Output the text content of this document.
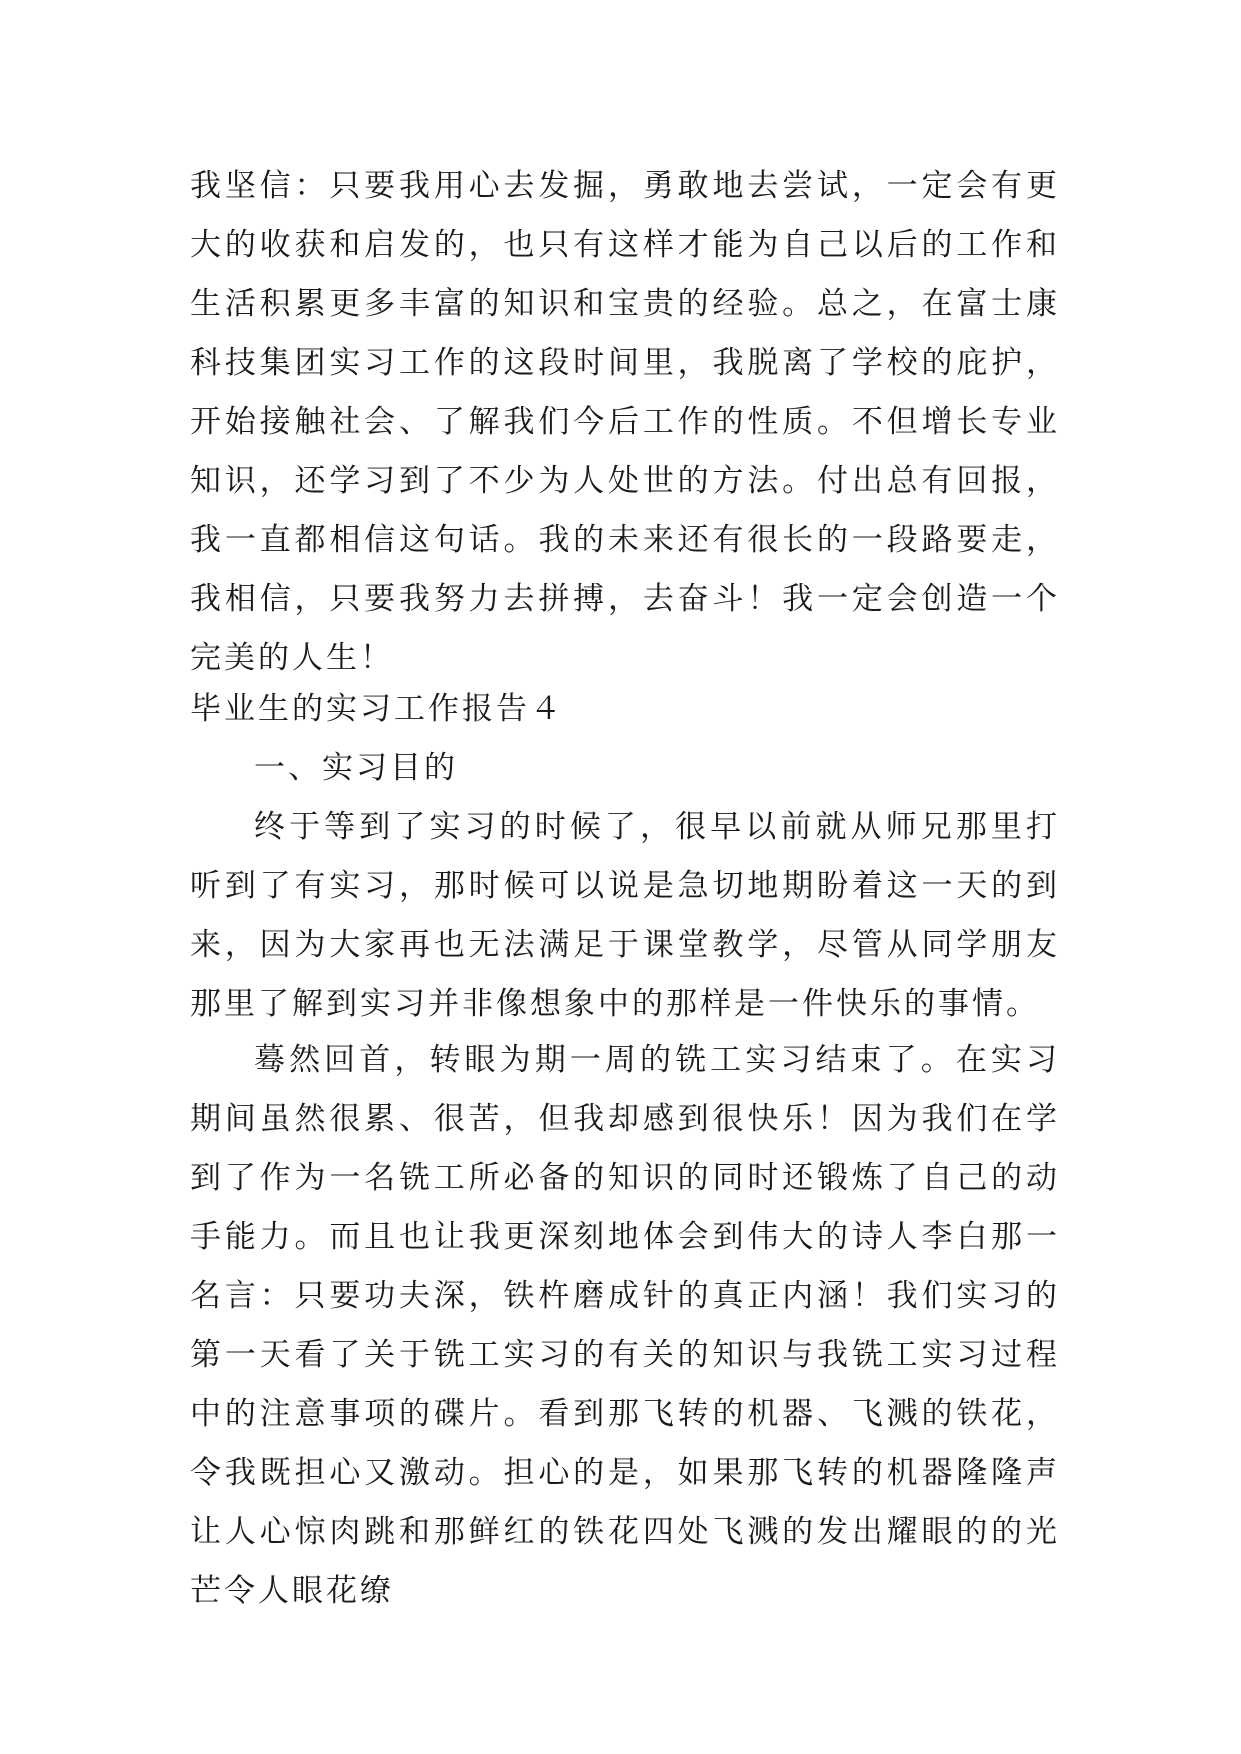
我坚信：只要我用心去发掘，勇敢地去尝试，一定会有更大的收获和启发的，也只有这样才能为自己以后的工作和生活积累更多丰富的知识和宝贵的经验。总之，在富士康科技集团实习工作的这段时间里，我脱离了学校的庇护，开始接触社会、了解我们今后工作的性质。不但增长专业知识，还学习到了不少为人处世的方法。付出总有回报，我一直都相信这句话。我的未来还有很长的一段路要走，我相信，只要我努力去拼搏，去奋斗！我一定会创造一个完美的人生！

毕业生的实习工作报告４
一、实习目的

终于等到了实习的时候了，很早以前就从师兄那里打听到了有实习，那时候可以说是急切地期盼着这一天的到来，因为大家再也无法满足于课堂教学，尽管从同学朋友那里了解到实习并非像想象中的那样是一件快乐的事情。

蓦然回首，转眼为期一周的铣工实习结束了。在实习期间虽然很累、很苦，但我却感到很快乐！因为我们在学到了作为一名铣工所必备的知识的同时还锻炼了自己的动手能力。而且也让我更深刻地体会到伟大的诗人李白那一名言：只要功夫深，铁杵磨成针的真正内涵！我们实习的第一天看了关于铣工实习的有关的知识与我铣工实习过程中的注意事项的碟片。看到那飞转的机器、飞溅的铁花，令我既担心又激动。担心的是，如果那飞转的机器隆隆声让人心惊肉跳和那鲜红的铁花四处飞溅的发出耀眼的的光芒令人眼花缭
